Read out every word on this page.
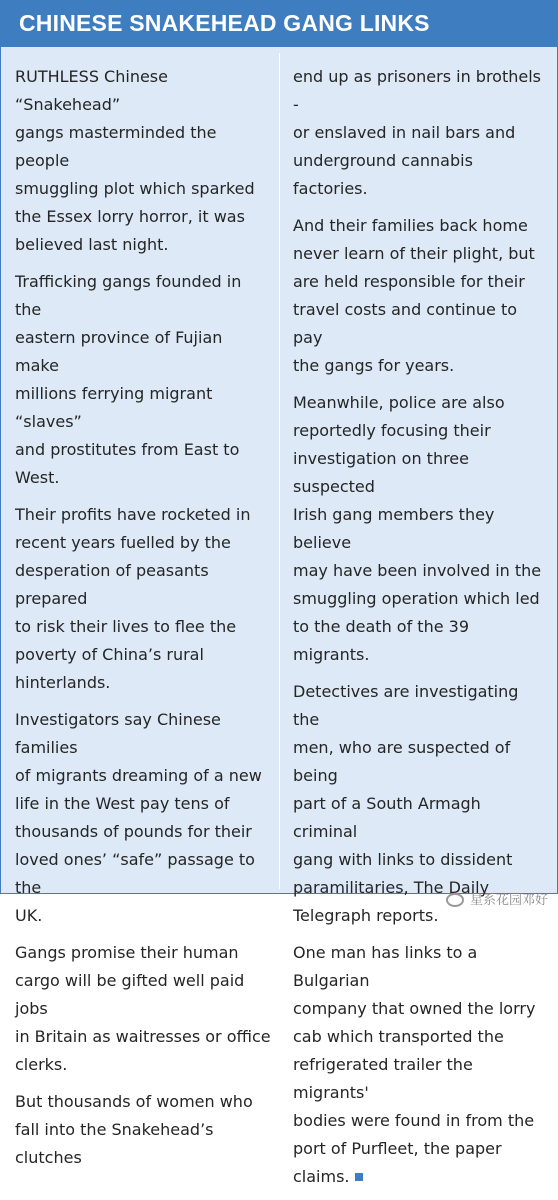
CHINESE SNAKEHEAD GANG LINKS

RUTHLESS Chinese “Snakehead”
gangs masterminded the people
smuggling plot which sparked
the Essex lorry horror, it was
believed last night.

Trafficking gangs founded in the
eastern province of Fujian make
millions ferrying migrant “slaves”
and prostitutes from East to
West.

Their profits have rocketed in
recent years fuelled by the
desperation of peasants prepared
to risk their lives to flee the
poverty of China’s rural
hinterlands.

Investigators say Chinese families
of migrants dreaming of a new
life in the West pay tens of
thousands of pounds for their
loved ones’ “safe” passage to the
UK.

Gangs promise their human
cargo will be gifted well paid jobs
in Britain as waitresses or office
clerks.

But thousands of women who
fall into the Snakehead’s clutches

end up as prisoners in brothels -
or enslaved in nail bars and
underground cannabis factories.

And their families back home
never learn of their plight, but
are held responsible for their
travel costs and continue to pay
the gangs for years.

Meanwhile, police are also
reportedly focusing their
investigation on three suspected
Irish gang members they believe
may have been involved in the
smuggling operation which led
to the death of the 39 migrants.

Detectives are investigating the
men, who are suspected of being
part of a South Armagh criminal
gang with links to dissident
paramilitaries, The Daily
Telegraph reports.

One man has links to a Bulgarian
company that owned the lorry
cab which transported the
refrigerated trailer the migrants'
bodies were found in from the
port of Purfleet, the paper
claims.

星系花园邓好
